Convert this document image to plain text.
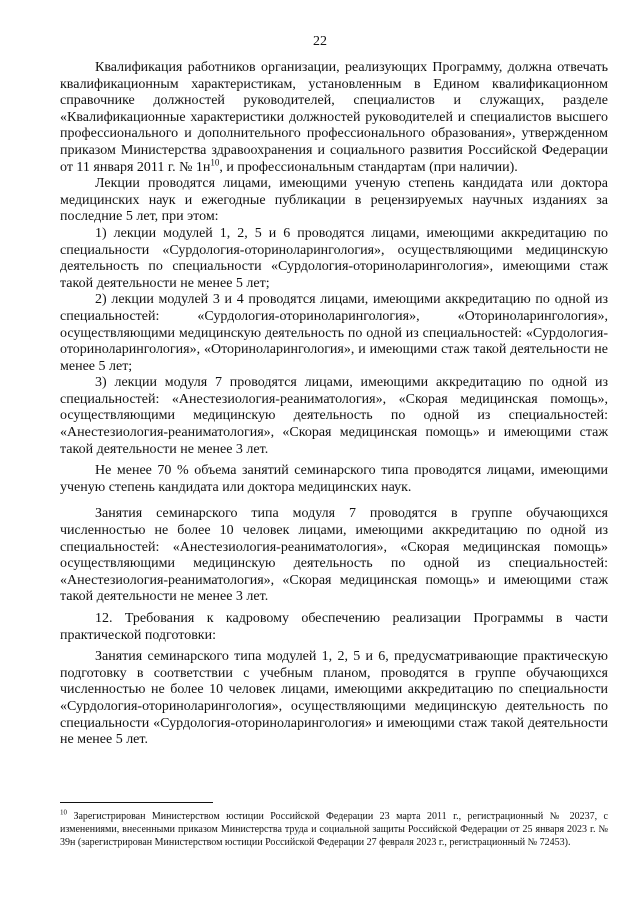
22

Квалификация работников организации, реализующих Программу, должна отвечать квалификационным характеристикам, установленным в Едином квалификационном справочнике должностей руководителей, специалистов и служащих, разделе «Квалификационные характеристики должностей руководителей и специалистов высшего профессионального и дополнительного профессионального образования», утвержденном приказом Министерства здравоохранения и социального развития Российской Федерации от 11 января 2011 г. № $1н^{10}$, и профессиональным стандартам (при наличии).

Лекции проводятся лицами, имеющими ученую степень кандидата или доктора медицинских наук и ежегодные публикации в рецензируемых научных изданиях за последние 5 лет, при этом:

1) лекции модулей 1, 2, 5 и 6 проводятся лицами, имеющими аккредитацию по специальности «Сурдология-оториноларингология», осуществляющими медицинскую деятельность по специальности «Сурдология-оториноларингология», имеющими стаж такой деятельности не менее 5 лет;

2) лекции модулей 3 и 4 проводятся лицами, имеющими аккредитацию по одной из специальностей: «Сурдология-оториноларингология», «Оториноларингология», осуществляющими медицинскую деятельность по одной из специальностей: «Сурдология-оториноларингология», «Оториноларингология», и имеющими стаж такой деятельности не менее 5 лет;

3) лекции модуля 7 проводятся лицами, имеющими аккредитацию по одной из специальностей: «Анестезиология-реаниматология», «Скорая медицинская помощь», осуществляющими медицинскую деятельность по одной из специальностей: «Анестезиология-реаниматология», «Скорая медицинская помощь» и имеющими стаж такой деятельности не менее 3 лет.

Не менее 70 % объема занятий семинарского типа проводятся лицами, имеющими ученую степень кандидата или доктора медицинских наук.

Занятия семинарского типа модуля 7 проводятся в группе обучающихся численностью не более 10 человек лицами, имеющими аккредитацию по одной из специальностей: «Анестезиология-реаниматология», «Скорая медицинская помощь» осуществляющими медицинскую деятельность по одной из специальностей: «Анестезиология-реаниматология», «Скорая медицинская помощь» и имеющими стаж такой деятельности не менее 3 лет.

12. Требования к кадровому обеспечению реализации Программы в части практической подготовки:

Занятия семинарского типа модулей 1, 2, 5 и 6, предусматривающие практическую подготовку в соответствии с учебным планом, проводятся в группе обучающихся численностью не более 10 человек лицами, имеющими аккредитацию по специальности «Сурдология-оториноларингология», осуществляющими медицинскую деятельность по специальности «Сурдология-оториноларингология» и имеющими стаж такой деятельности не менее 5 лет.

$^{10}$ Зарегистрирован Министерством юстиции Российской Федерации 23 марта 2011 г., регистрационный № 20237, с изменениями, внесенными приказом Министерства труда и социальной защиты Российской Федерации от 25 января 2023 г. № 39н (зарегистрирован Министерством юстиции Российской Федерации 27 февраля 2023 г., регистрационный № 72453).
